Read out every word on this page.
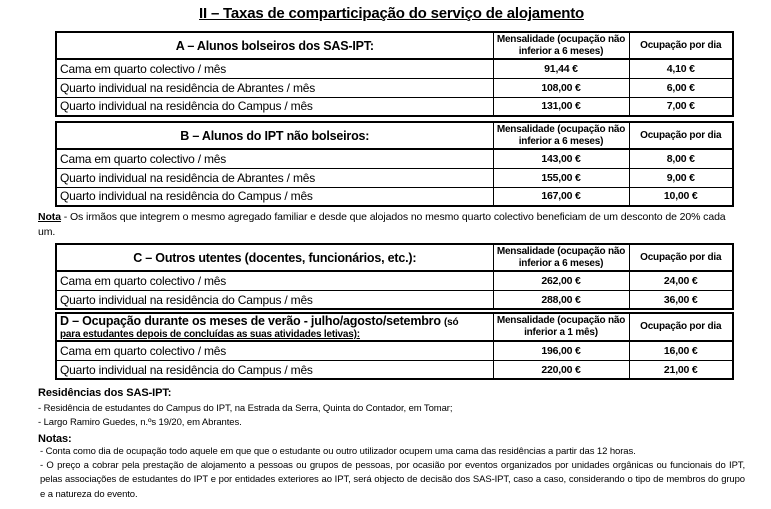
II – Taxas de comparticipação do serviço de alojamento
A – Alunos bolseiros dos SAS-IPT:	Mensalidade (ocupação não inferior a 6 meses)	Ocupação por dia
Cama em quarto colectivo / mês	91,44 €	4,10 €
Quarto individual na residência de Abrantes / mês	108,00 €	6,00 €
Quarto individual na residência do Campus / mês	131,00 €	7,00 €
B – Alunos do IPT não bolseiros:	Mensalidade (ocupação não inferior a 6 meses)	Ocupação por dia
Cama em quarto colectivo / mês	143,00 €	8,00 €
Quarto individual na residência de Abrantes / mês	155,00 €	9,00 €
Quarto individual na residência do Campus / mês	167,00 €	10,00 €
Nota - Os irmãos que integrem o mesmo agregado familiar e desde que alojados no mesmo quarto colectivo beneficiam de um desconto de 20% cada um.
C – Outros utentes (docentes, funcionários, etc.):	Mensalidade (ocupação não inferior a 6 meses)	Ocupação por dia
Cama em quarto colectivo / mês	262,00 €	24,00 €
Quarto individual na residência do Campus / mês	288,00 €	36,00 €
D – Ocupação durante os meses de verão - julho/agosto/setembro (só
para estudantes depois de concluídas as suas atividades letivas):	Mensalidade (ocupação não inferior a 1 mês)	Ocupação por dia
Cama em quarto colectivo / mês	196,00 €	16,00 €
Quarto individual na residência do Campus / mês	220,00 €	21,00 €
Residências dos SAS-IPT:
- Residência de estudantes do Campus do IPT, na Estrada da Serra, Quinta do Contador, em Tomar;
- Largo Ramiro Guedes, n.ºs 19/20, em Abrantes.
Notas:
- Conta como dia de ocupação todo aquele em que que o estudante ou outro utilizador ocupem uma cama das residências a partir das 12 horas.
- O preço a cobrar pela prestação de alojamento a pessoas ou grupos de pessoas, por ocasião por eventos organizados por unidades orgânicas ou funcionais do IPT, pelas associações de estudantes do IPT e por entidades exteriores ao IPT, será objecto de decisão dos SAS-IPT, caso a caso, considerando o tipo de membros do grupo e a natureza do evento.
